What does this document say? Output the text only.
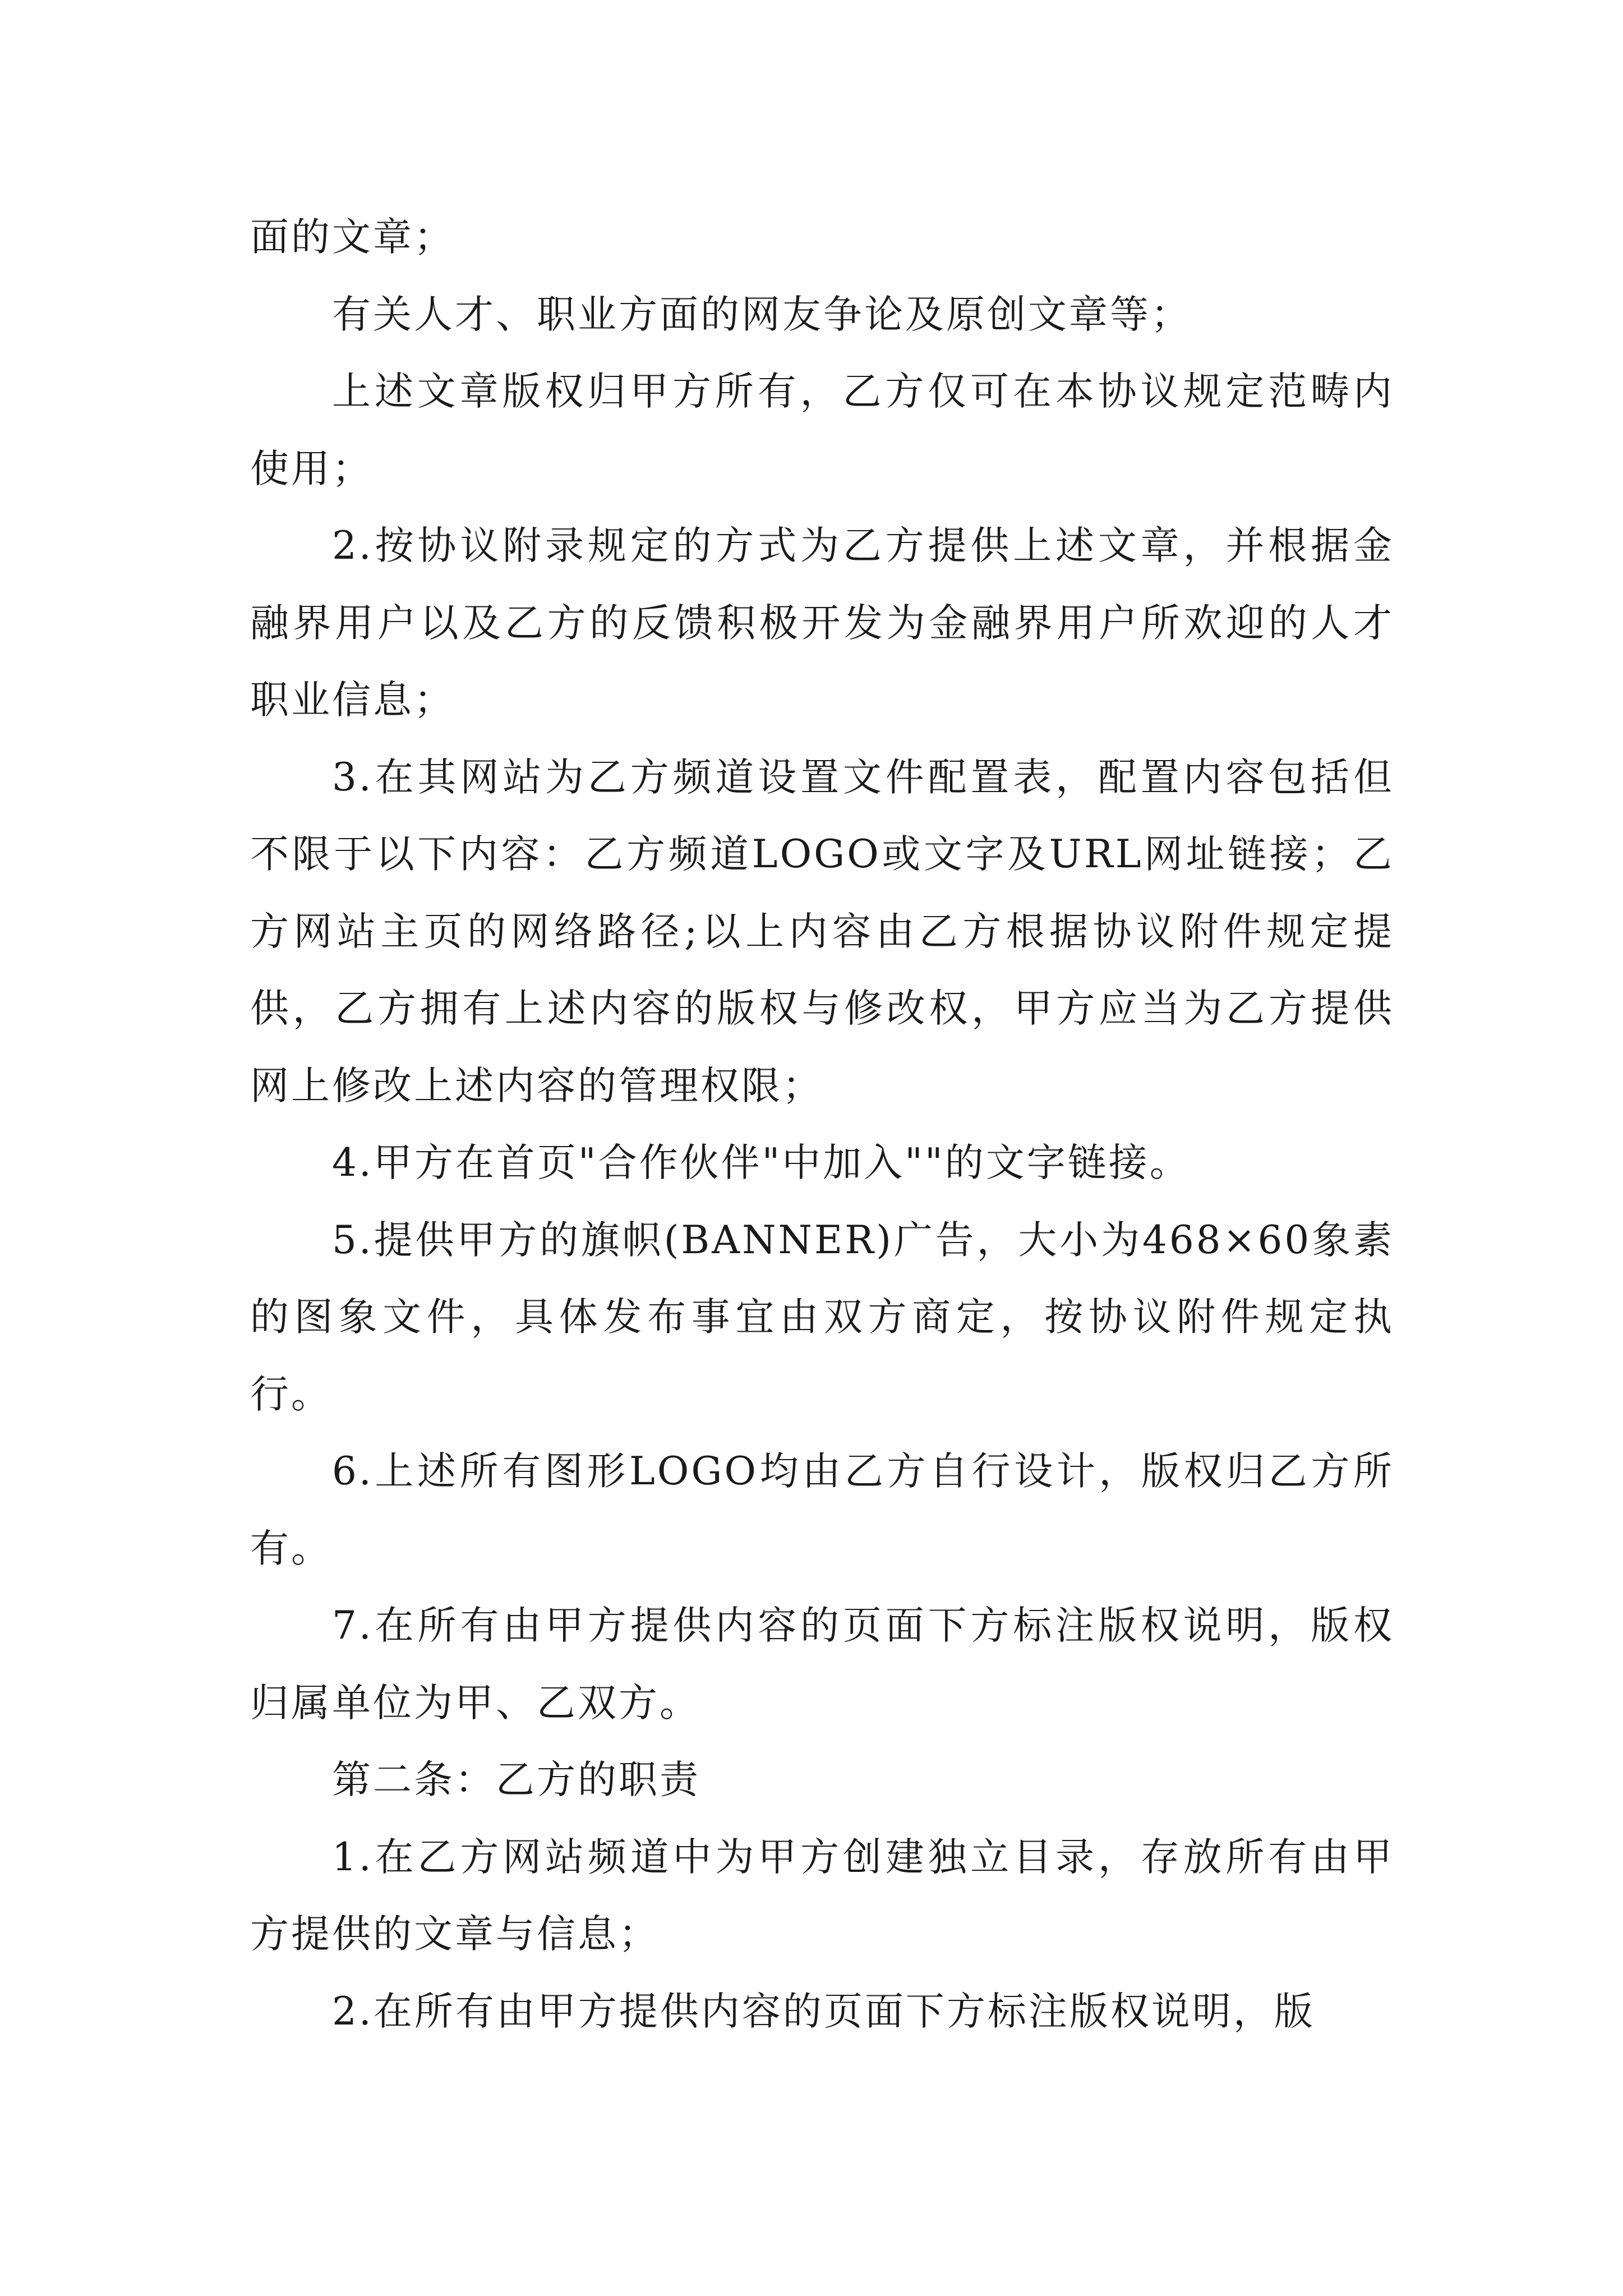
面的文章；

有关人才、职业方面的网友争论及原创文章等；

上述文章版权归甲方所有，乙方仅可在本协议规定范畴内使用；

2.按协议附录规定的方式为乙方提供上述文章，并根据金融界用户以及乙方的反馈积极开发为金融界用户所欢迎的人才职业信息；

3.在其网站为乙方频道设置文件配置表，配置内容包括但不限于以下内容：乙方频道LOGO或文字及URL网址链接；乙方网站主页的网络路径;以上内容由乙方根据协议附件规定提供，乙方拥有上述内容的版权与修改权，甲方应当为乙方提供网上修改上述内容的管理权限；

4.甲方在首页"合作伙伴"中加入""的文字链接。

5.提供甲方的旗帜(BANNER)广告，大小为468×60象素的图象文件，具体发布事宜由双方商定，按协议附件规定执行。

6.上述所有图形LOGO均由乙方自行设计，版权归乙方所有。

7.在所有由甲方提供内容的页面下方标注版权说明，版权归属单位为甲、乙双方。

第二条：乙方的职责

1.在乙方网站频道中为甲方创建独立目录，存放所有由甲方提供的文章与信息；

2.在所有由甲方提供内容的页面下方标注版权说明，版
